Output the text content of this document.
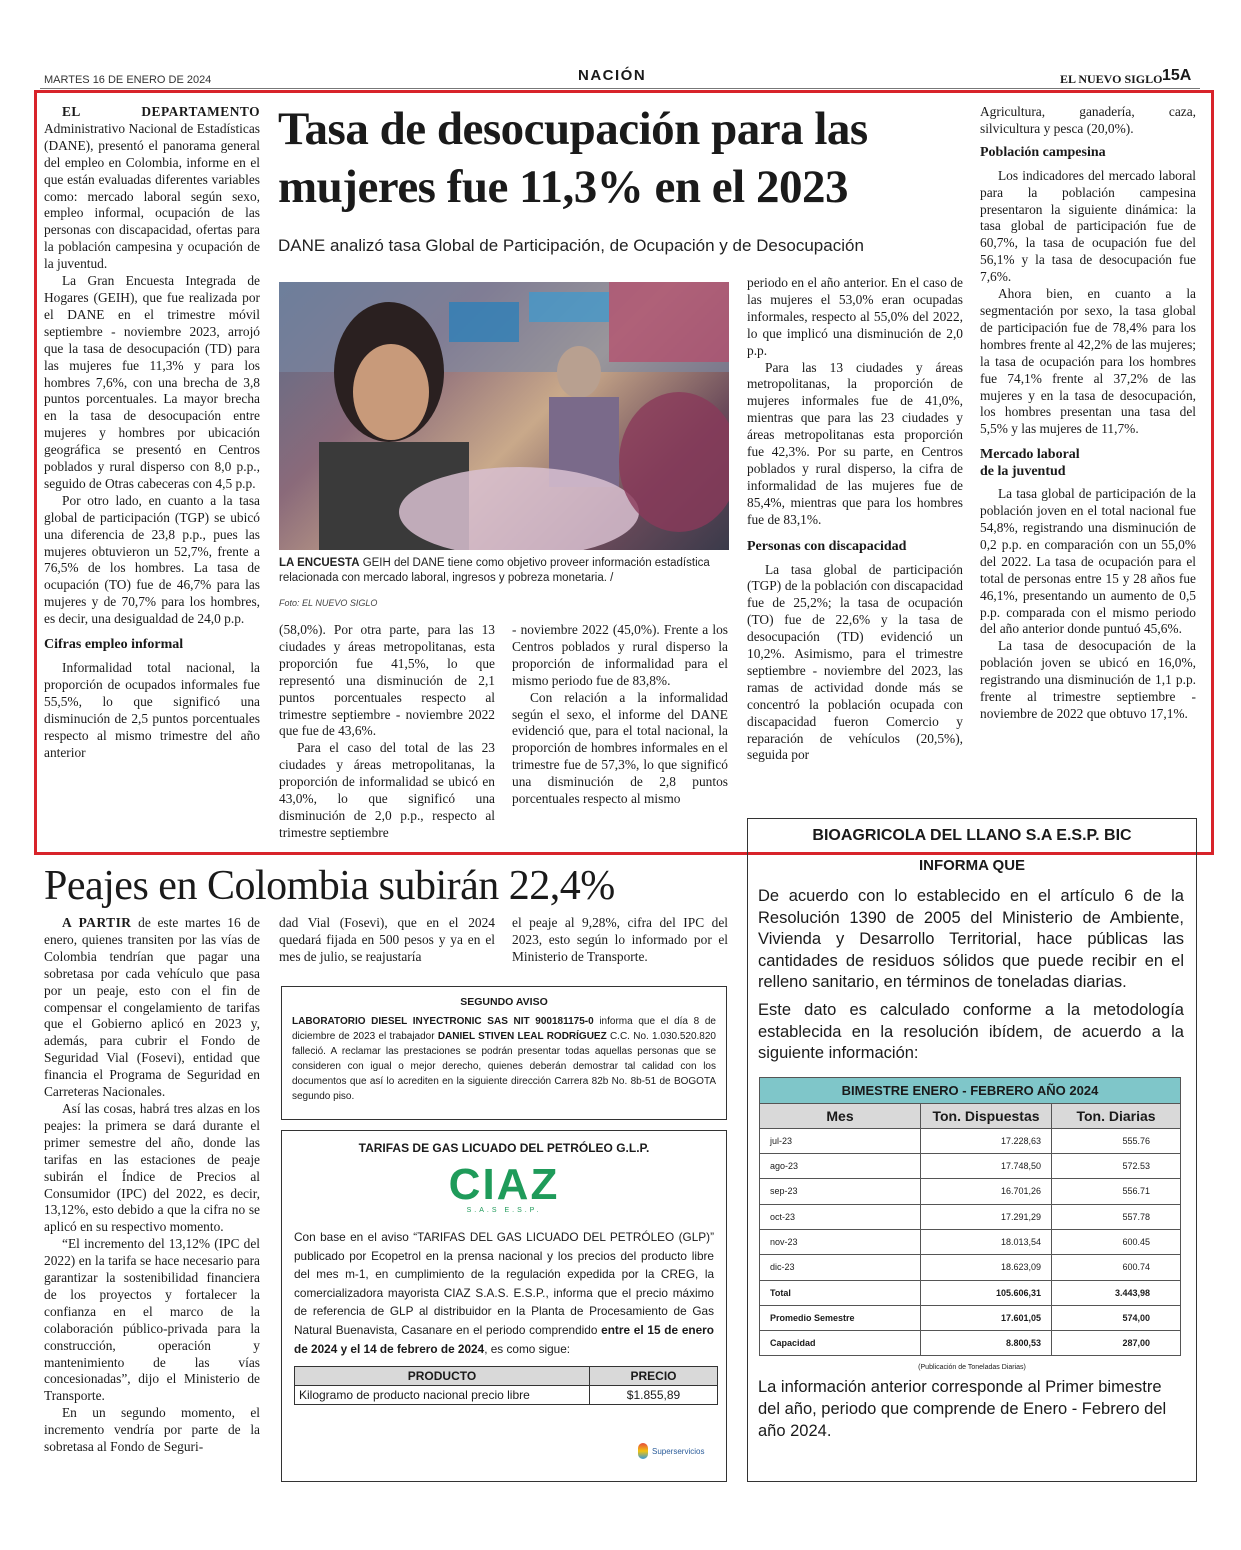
MARTES 16 DE ENERO DE 2024	NACIÓN	EL NUEVO SIGLO 15A
Tasa de desocupación para las
mujeres fue 11,3% en el 2023
DANE analizó tasa Global de Participación, de Ocupación y de Desocupación

EL DEPARTAMENTO Administrativo Nacional de Estadísticas (DANE), presentó el panorama general del empleo en Colombia, informe en el que están evaluadas diferentes variables como: mercado laboral según sexo, empleo informal, ocupación de las personas con discapacidad, ofertas para la población campesina y ocupación de la juventud.

La Gran Encuesta Integrada de Hogares (GEIH), que fue realizada por el DANE en el trimestre móvil septiembre - noviembre 2023, arrojó que la tasa de desocupación (TD) para las mujeres fue 11,3% y para los hombres 7,6%, con una brecha de 3,8 puntos porcentuales. La mayor brecha en la tasa de desocupación entre mujeres y hombres por ubicación geográfica se presentó en Centros poblados y rural disperso con 8,0 p.p., seguido de Otras cabeceras con 4,5 p.p.

Por otro lado, en cuanto a la tasa global de participación (TGP) se ubicó una diferencia de 23,8 p.p., pues las mujeres obtuvieron un 52,7%, frente a 76,5% de los hombres. La tasa de ocupación (TO) fue de 46,7% para las mujeres y de 70,7% para los hombres, es decir, una desigualdad de 24,0 p.p.

Cifras empleo informal

Informalidad total nacional, la proporción de ocupados informales fue 55,5%, lo que significó una disminución de 2,5 puntos porcentuales respecto al mismo trimestre del año anterior

LA ENCUESTA GEIH del DANE tiene como objetivo proveer información estadística relacionada con mercado laboral, ingresos y pobreza monetaria. /
Foto: EL NUEVO SIGLO

(58,0%). Por otra parte, para las 13 ciudades y áreas metropolitanas, esta proporción fue 41,5%, lo que representó una disminución de 2,1 puntos porcentuales respecto al trimestre septiembre - noviembre 2022 que fue de 43,6%.

Para el caso del total de las 23 ciudades y áreas metropolitanas, la proporción de informalidad se ubicó en 43,0%, lo que significó una disminución de 2,0 p.p., respecto al trimestre septiembre

- noviembre 2022 (45,0%). Frente a los Centros poblados y rural disperso la proporción de informalidad para el mismo periodo fue de 83,8%.

Con relación a la informalidad según el sexo, el informe del DANE evidenció que, para el total nacional, la proporción de hombres informales en el trimestre fue de 57,3%, lo que significó una disminución de 2,8 puntos porcentuales respecto al mismo

periodo en el año anterior. En el caso de las mujeres el 53,0% eran ocupadas informales, respecto al 55,0% del 2022, lo que implicó una disminución de 2,0 p.p.

Para las 13 ciudades y áreas metropolitanas, la proporción de mujeres informales fue de 41,0%, mientras que para las 23 ciudades y áreas metropolitanas esta proporción fue 42,3%. Por su parte, en Centros poblados y rural disperso, la cifra de informalidad de las mujeres fue de 85,4%, mientras que para los hombres fue de 83,1%.

Personas con discapacidad

La tasa global de participación (TGP) de la población con discapacidad fue de 25,2%; la tasa de ocupación (TO) fue de 22,6% y la tasa de desocupación (TD) evidenció un 10,2%. Asimismo, para el trimestre septiembre - noviembre del 2023, las ramas de actividad donde más se concentró la población ocupada con discapacidad fueron Comercio y reparación de vehículos (20,5%), seguida por

Agricultura, ganadería, caza, silvicultura y pesca (20,0%).

Población campesina

Los indicadores del mercado laboral para la población campesina presentaron la siguiente dinámica: la tasa global de participación fue de 60,7%, la tasa de ocupación fue del 56,1% y la tasa de desocupación fue 7,6%.

Ahora bien, en cuanto a la segmentación por sexo, la tasa global de participación fue de 78,4% para los hombres frente al 42,2% de las mujeres; la tasa de ocupación para los hombres fue 74,1% frente al 37,2% de las mujeres y en la tasa de desocupación, los hombres presentan una tasa del 5,5% y las mujeres de 11,7%.

Mercado laboral
de la juventud

La tasa global de participación de la población joven en el total nacional fue 54,8%, registrando una disminución de 0,2 p.p. en comparación con un 55,0% del 2022. La tasa de ocupación para el total de personas entre 15 y 28 años fue 46,1%, presentando un aumento de 0,5 p.p. comparada con el mismo periodo del año anterior donde puntuó 45,6%.

La tasa de desocupación de la población joven se ubicó en 16,0%, registrando una disminución de 1,1 p.p. frente al trimestre septiembre - noviembre de 2022 que obtuvo 17,1%.

Peajes en Colombia subirán 22,4%

A PARTIR de este martes 16 de enero, quienes transiten por las vías de Colombia tendrían que pagar una sobretasa por cada vehículo que pasa por un peaje, esto con el fin de compensar el congelamiento de tarifas que el Gobierno aplicó en 2023 y, además, para cubrir el Fondo de Seguridad Vial (Fosevi), entidad que financia el Programa de Seguridad en Carreteras Nacionales.

Así las cosas, habrá tres alzas en los peajes: la primera se dará durante el primer semestre del año, donde las tarifas en las estaciones de peaje subirán el Índice de Precios al Consumidor (IPC) del 2022, es decir, 13,12%, esto debido a que la cifra no se aplicó en su respectivo momento.

“El incremento del 13,12% (IPC del 2022) en la tarifa se hace necesario para garantizar la sostenibilidad financiera de los proyectos y fortalecer la confianza en el marco de la colaboración público-privada para la construcción, operación y mantenimiento de las vías concesionadas”, dijo el Ministerio de Transporte.

En un segundo momento, el incremento vendría por parte de la sobretasa al Fondo de Seguri-

dad Vial (Fosevi), que en el 2024 quedará fijada en 500 pesos y ya en el mes de julio, se reajustaría

el peaje al 9,28%, cifra del IPC del 2023, esto según lo informado por el Ministerio de Transporte.

SEGUNDO AVISO
LABORATORIO DIESEL INYECTRONIC SAS NIT 900181175-0 informa que el día 8 de diciembre de 2023 el trabajador DANIEL STIVEN LEAL RODRÍGUEZ C.C. No. 1.030.520.820 falleció. A reclamar las prestaciones se podrán presentar todas aquellas personas que se consideren con igual o mejor derecho, quienes deberán demostrar tal calidad con los documentos que así lo acrediten en la siguiente dirección Carrera 82b No. 8b-51 de BOGOTA segundo piso.
TARIFAS DE GAS LICUADO DEL PETRÓLEO G.L.P.
CIAZ
S.A.S E.S.P.
Con base en el aviso “TARIFAS DEL GAS LICUADO DEL PETRÓLEO (GLP)” publicado por Ecopetrol en la prensa nacional y los precios del producto libre del mes m-1, en cumplimiento de la regulación expedida por la CREG, la comercializadora mayorista CIAZ S.A.S. E.S.P., informa que el precio máximo de referencia de GLP al distribuidor en la Planta de Procesamiento de Gas Natural Buenavista, Casanare en el periodo comprendido entre el 15 de enero de 2024 y el 14 de febrero de 2024, es como sigue:
PRODUCTO	PRECIO
Kilogramo de producto nacional precio libre	$1.855,89
Superservicios
BIOAGRICOLA DEL LLANO S.A E.S.P. BIC
INFORMA QUE
De acuerdo con lo establecido en el artículo 6 de la Resolución 1390 de 2005 del Ministerio de Ambiente, Vivienda y Desarrollo Territorial, hace públicas las cantidades de residuos sólidos que puede recibir en el relleno sanitario, en términos de toneladas diarias.
Este dato es calculado conforme a la metodología establecida en la resolución ibídem, de acuerdo a la siguiente información:
BIMESTRE ENERO - FEBRERO AÑO 2024		
Mes	Ton. Dispuestas	Ton. Diarias
jul-23	17.228,63	555.76
ago-23	17.748,50	572.53
sep-23	16.701,26	556.71
oct-23	17.291,29	557.78
nov-23	18.013,54	600.45
dic-23	18.623,09	600.74
Total	105.606,31	3.443,98
Promedio Semestre	17.601,05	574,00
Capacidad	8.800,53	287,00
(Publicación de Toneladas Diarias)
La información anterior corresponde al Primer bimestre del año, periodo que comprende de Enero - Febrero del año 2024.
